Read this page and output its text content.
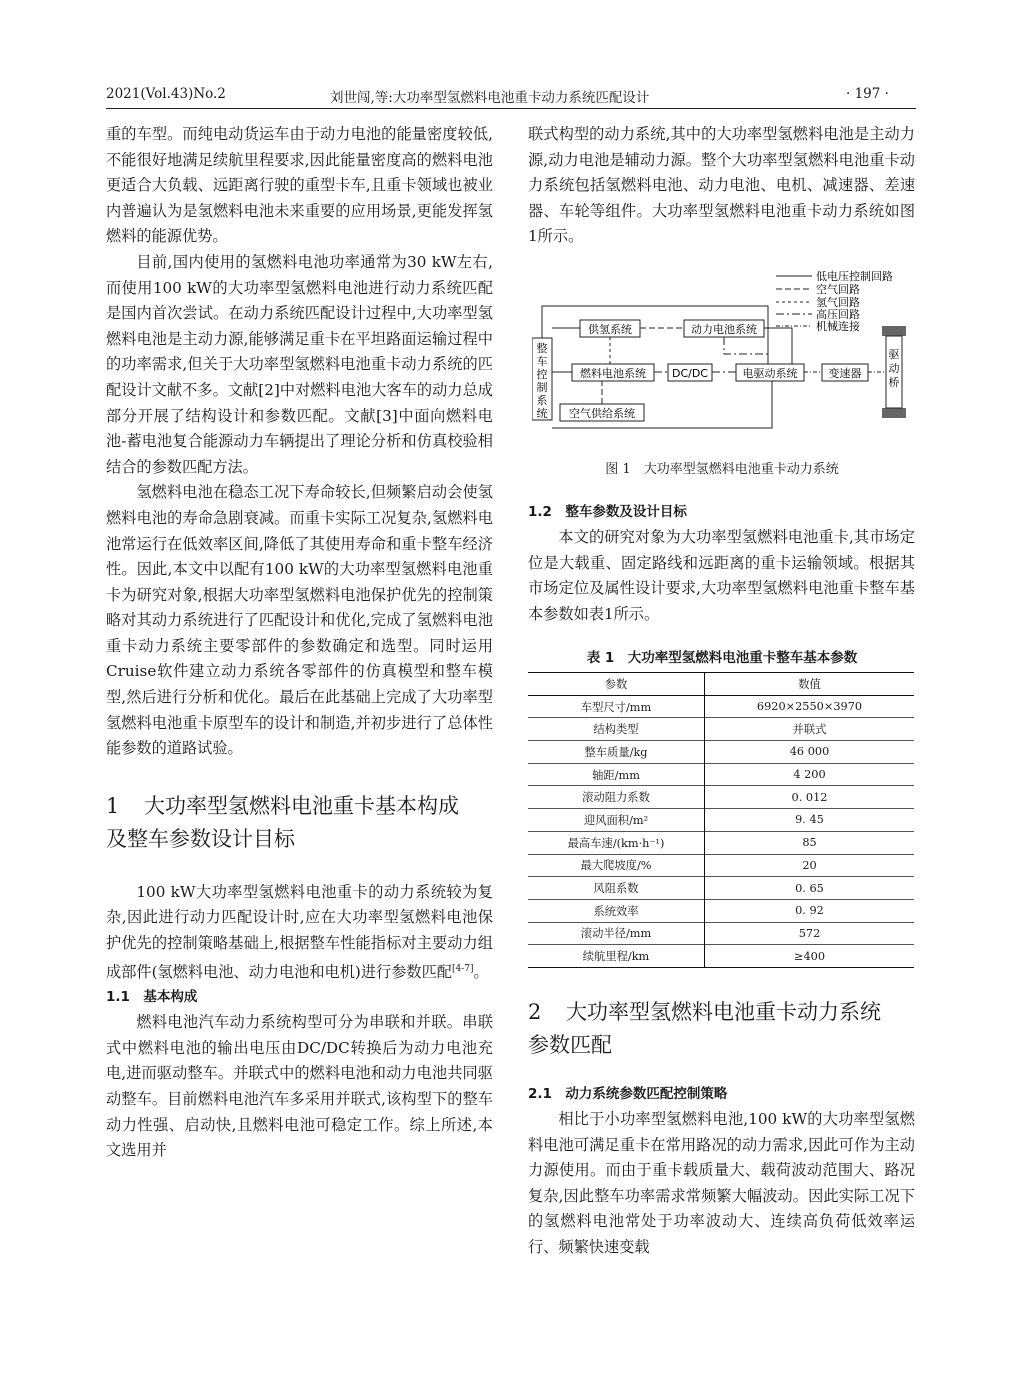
2021(Vol.43)No.2	刘世闯,等:大功率型氢燃料电池重卡动力系统匹配设计	· 197 ·

重的车型。而纯电动货运车由于动力电池的能量密度较低,不能很好地满足续航里程要求,因此能量密度高的燃料电池更适合大负载、远距离行驶的重型卡车,且重卡领域也被业内普遍认为是氢燃料电池未来重要的应用场景,更能发挥氢燃料的能源优势。

目前,国内使用的氢燃料电池功率通常为30 kW左右,而使用100 kW的大功率型氢燃料电池进行动力系统匹配是国内首次尝试。在动力系统匹配设计过程中,大功率型氢燃料电池是主动力源,能够满足重卡在平坦路面运输过程中的功率需求,但关于大功率型氢燃料电池重卡动力系统的匹配设计文献不多。文献[2]中对燃料电池大客车的动力总成部分开展了结构设计和参数匹配。文献[3]中面向燃料电池-蓄电池复合能源动力车辆提出了理论分析和仿真校验相结合的参数匹配方法。

氢燃料电池在稳态工况下寿命较长,但频繁启动会使氢燃料电池的寿命急剧衰减。而重卡实际工况复杂,氢燃料电池常运行在低效率区间,降低了其使用寿命和重卡整车经济性。因此,本文中以配有100 kW的大功率型氢燃料电池重卡为研究对象,根据大功率型氢燃料电池保护优先的控制策略对其动力系统进行了匹配设计和优化,完成了氢燃料电池重卡动力系统主要零部件的参数确定和选型。同时运用Cruise软件建立动力系统各零部件的仿真模型和整车模型,然后进行分析和优化。最后在此基础上完成了大功率型氢燃料电池重卡原型车的设计和制造,并初步进行了总体性能参数的道路试验。

1 大功率型氢燃料电池重卡基本构成
及整车参数设计目标

100 kW大功率型氢燃料电池重卡的动力系统较为复杂,因此进行动力匹配设计时,应在大功率型氢燃料电池保护优先的控制策略基础上,根据整车性能指标对主要动力组成部件(氢燃料电池、动力电池和电机)进行参数匹配[4-7]。

1.1　基本构成

燃料电池汽车动力系统构型可分为串联和并联。串联式中燃料电池的输出电压由DC/DC转换后为动力电池充电,进而驱动整车。并联式中的燃料电池和动力电池共同驱动整车。目前燃料电池汽车多采用并联式,该构型下的整车动力性强、启动快,且燃料电池可稳定工作。综上所述,本文选用并

联式构型的动力系统,其中的大功率型氢燃料电池是主动力源,动力电池是辅动力源。整个大功率型氢燃料电池重卡动力系统包括氢燃料电池、动力电池、电机、减速器、差速器、车轮等组件。大功率型氢燃料电池重卡动力系统如图1所示。

低电压控制回路
空气回路
氢气回路
高压回路
机械连接
整车控制系统
供氢系统	动力电池系统
燃料电池系统 DC/DC	电驱动系统	变速器
驱动桥
空气供给系统
图 1　大功率型氢燃料电池重卡动力系统
1.2　整车参数及设计目标

本文的研究对象为大功率型氢燃料电池重卡,其市场定位是大载重、固定路线和远距离的重卡运输领域。根据其市场定位及属性设计要求,大功率型氢燃料电池重卡整车基本参数如表1所示。

表 1　大功率型氢燃料电池重卡整车基本参数
参数	数值
车型尺寸/mm	6920×2550×3970
结构类型	并联式
整车质量/kg	46 000
轴距/mm	4 200
滚动阻力系数	0. 012
迎风面积/m²	9. 45
最高车速/(km·h⁻¹)	85
最大爬坡度/%	20
风阻系数	0. 65
系统效率	0. 92
滚动半径/mm	572
续航里程/km	≥400
2 大功率型氢燃料电池重卡动力系统
参数匹配
2.1　动力系统参数匹配控制策略

相比于小功率型氢燃料电池,100 kW的大功率型氢燃料电池可满足重卡在常用路况的动力需求,因此可作为主动力源使用。而由于重卡载质量大、载荷波动范围大、路况复杂,因此整车功率需求常频繁大幅波动。因此实际工况下的氢燃料电池常处于功率波动大、连续高负荷低效率运行、频繁快速变载
